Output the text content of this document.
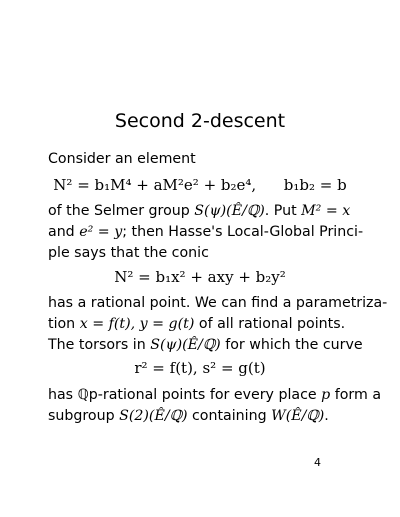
Second 2-descent
Consider an element
N² = b₁M⁴ + aM²e² + b₂e⁴, b₁b₂ = b
of the Selmer group S(ψ)(Ê/ℚ). Put M² = x
and e² = y; then Hasse's Local-Global Princi-
ple says that the conic
N² = b₁x² + axy + b₂y²
has a rational point. We can find a parametriza-
tion x = f(t), y = g(t) of all rational points.
The torsors in S(ψ)(Ê/ℚ) for which the curve
r² = f(t), s² = g(t)
has ℚp-rational points for every place p form a
subgroup S(2)(Ê/ℚ) containing W(Ê/ℚ).
4
